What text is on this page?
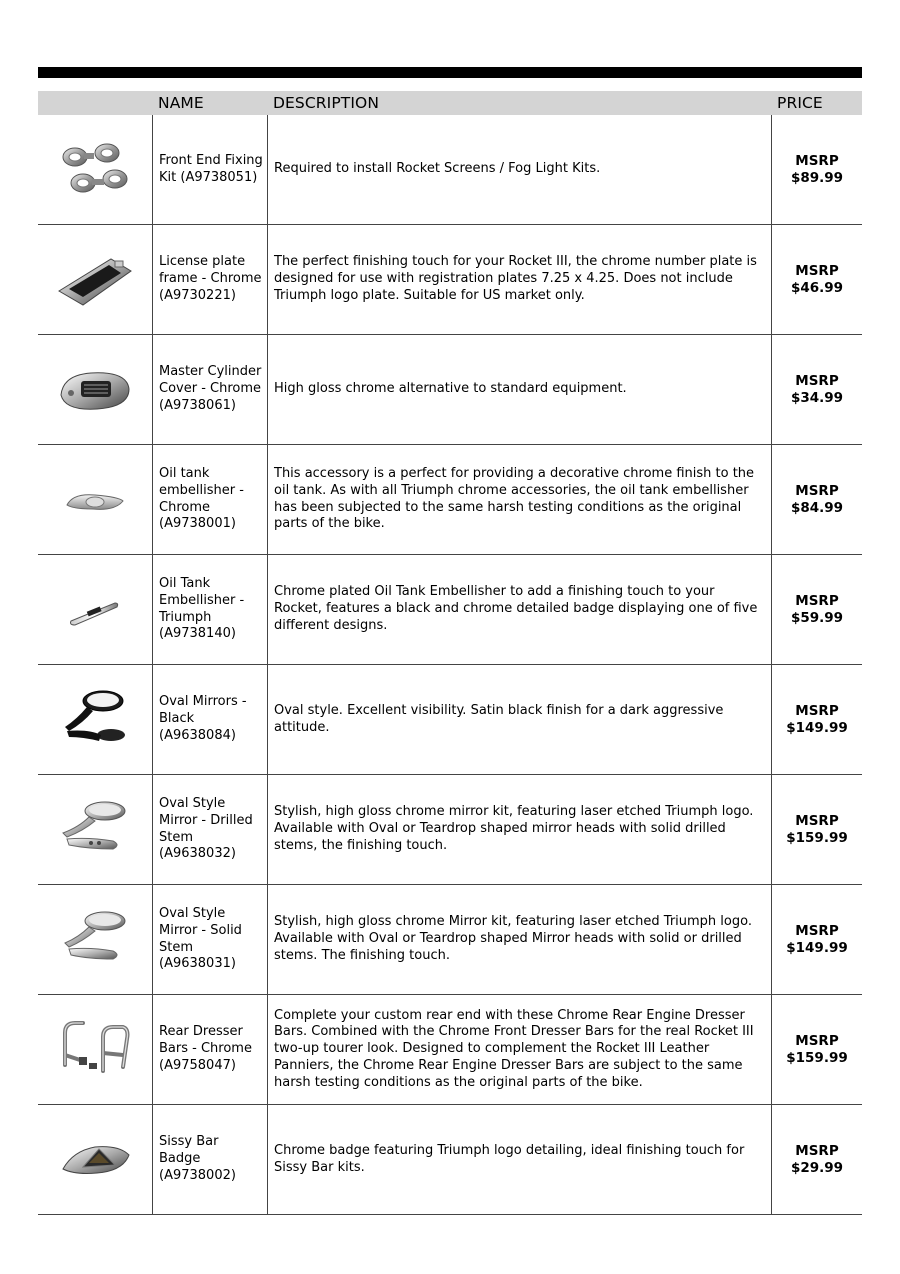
NAME	DESCRIPTION	PRICE
Front End Fixing Kit (A9738051)
Required to install Rocket Screens / Fog Light Kits.
MSRP
$89.99
License plate frame - Chrome (A9730221)
The perfect finishing touch for your Rocket III, the chrome number plate is designed for use with registration plates 7.25 x 4.25. Does not include Triumph logo plate. Suitable for US market only.
MSRP
$46.99
Master Cylinder Cover - Chrome (A9738061)
High gloss chrome alternative to standard equipment.
MSRP
$34.99
Oil tank embellisher - Chrome (A9738001)
This accessory is a perfect for providing a decorative chrome finish to the oil tank. As with all Triumph chrome accessories, the oil tank embellisher has been subjected to the same harsh testing conditions as the original parts of the bike.
MSRP
$84.99
Oil Tank Embellisher - Triumph (A9738140)
Chrome plated Oil Tank Embellisher to add a finishing touch to your Rocket, features a black and chrome detailed badge displaying one of five different designs.
MSRP
$59.99
Oval Mirrors - Black (A9638084)
Oval style. Excellent visibility. Satin black finish for a dark aggressive attitude.
MSRP
$149.99
Oval Style Mirror - Drilled Stem (A9638032)
Stylish, high gloss chrome mirror kit, featuring laser etched Triumph logo. Available with Oval or Teardrop shaped mirror heads with solid drilled stems, the finishing touch.
MSRP
$159.99
Oval Style Mirror - Solid Stem (A9638031)
Stylish, high gloss chrome Mirror kit, featuring laser etched Triumph logo. Available with Oval or Teardrop shaped Mirror heads with solid or drilled stems. The finishing touch.
MSRP
$149.99
Rear Dresser Bars - Chrome (A9758047)
Complete your custom rear end with these Chrome Rear Engine Dresser Bars. Combined with the Chrome Front Dresser Bars for the real Rocket III two-up tourer look. Designed to complement the Rocket III Leather Panniers, the Chrome Rear Engine Dresser Bars are subject to the same harsh testing conditions as the original parts of the bike.
MSRP
$159.99
Sissy Bar Badge (A9738002)
Chrome badge featuring Triumph logo detailing, ideal finishing touch for Sissy Bar kits.
MSRP
$29.99
